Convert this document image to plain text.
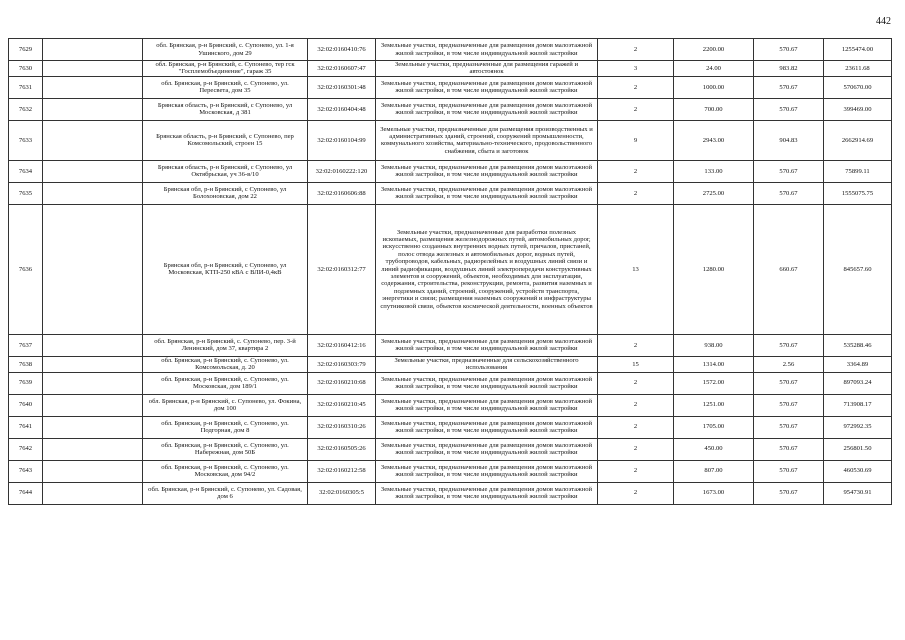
442
7629		обл. Брянская, р-н Брянский, с. Супонево, ул. 1-я Ушинского, дом 29	32:02:0160410:76	Земельные участки, предназначенные для размещения домов малоэтажной жилой застройки, в том числе индивидуальной жилой застройки	2	2200.00	570.67	1255474.00
7630		обл. Брянская, р-н Брянский, с. Супонево, тер гск "Госплемобъединение", гараж 35	32:02:0160607:47	Земельные участки, предназначенные для размещения гаражей и автостоянок	3	24.00	983.82	23611.68
7631		обл. Брянская, р-н Брянский, с. Супонево, ул. Пересвета, дом 35	32:02:0160301:48	Земельные участки, предназначенные для размещения домов малоэтажной жилой застройки, в том числе индивидуальной жилой застройки	2	1000.00	570.67	570670.00
7632		Брянская область, р-н Брянский, с Супонево, ул Московская, д 381	32:02:0160404:48	Земельные участки, предназначенные для размещения домов малоэтажной жилой застройки, в том числе индивидуальной жилой застройки	2	700.00	570.67	399469.00
7633		Брянская область, р-н Брянский, с Супонево, пер Комсомольский, строен 15	32:02:0160104:99	Земельные участки, предназначенные для размещения производственных и административных зданий, строений, сооружений промышленности, коммунального хозяйства, материально-технического, продовольственного снабжения, сбыта и заготовок	9	2943.00	904.83	2662914.69
7634		Брянская область, р-н Брянский, с Супонево, ул Октябрьская, уч 36-в/10	32:02:0160222:120	Земельные участки, предназначенные для размещения домов малоэтажной жилой застройки, в том числе индивидуальной жилой застройки	2	133.00	570.67	75899.11
7635		Брянская обл, р-н Брянский, с Супонево, ул Болохоновская, дом 22	32:02:0160606:88	Земельные участки, предназначенные для размещения домов малоэтажной жилой застройки, в том числе индивидуальной жилой застройки	2	2725.00	570.67	1555075.75
7636		Брянская обл, р-н Брянский, с Супонево, ул Московская, КТП-250 кВА с ВЛИ-0,4кВ	32:02:0160312:77	Земельные участки, предназначенные для разработки полезных ископаемых, размещения железнодорожных путей, автомобильных дорог, искусственно созданных внутренних водных путей, причалов, пристаней, полос отвода железных и автомобильных дорог, водных путей, трубопроводов, кабельных, радиорелейных и воздушных линий связи и линий радиофикации, воздушных линий электропередачи конструктивных элементов и сооружений, объектов, необходимых для эксплуатации, содержания, строительства, реконструкции, ремонта, развития наземных и подземных зданий, строений, сооружений, устройств транспорта, энергетики и связи; размещения наземных сооружений и инфраструктуры спутниковой связи, объектов космической деятельности, военных объектов	13	1280.00	660.67	845657.60
7637		обл. Брянская, р-н Брянский, с. Супонево, пер. 3-й Ленинский, дом 37, квартира 2	32:02:0160412:16	Земельные участки, предназначенные для размещения домов малоэтажной жилой застройки, в том числе индивидуальной жилой застройки	2	938.00	570.67	535288.46
7638		обл. Брянская, р-н Брянский, с. Супонево, ул. Комсомольская, д. 20	32:02:0160303:79	Земельные участки, предназначенные для сельскохозяйственного использования	15	1314.00	2.56	3364.89
7639		обл. Брянская, р-н Брянский, с. Супонево, ул. Московская, дом 189/1	32:02:0160210:68	Земельные участки, предназначенные для размещения домов малоэтажной жилой застройки, в том числе индивидуальной жилой застройки	2	1572.00	570.67	897093.24
7640		обл. Брянская, р-н Брянский, с. Супонево, ул. Фокина, дом 100	32:02:0160210:45	Земельные участки, предназначенные для размещения домов малоэтажной жилой застройки, в том числе индивидуальной жилой застройки	2	1251.00	570.67	713908.17
7641		обл. Брянская, р-н Брянский, с. Супонево, ул. Подгорная, дом 8	32:02:0160310:26	Земельные участки, предназначенные для размещения домов малоэтажной жилой застройки, в том числе индивидуальной жилой застройки	2	1705.00	570.67	972992.35
7642		обл. Брянская, р-н Брянский, с. Супонево, ул. Набережная, дом 50Б	32:02:0160505:26	Земельные участки, предназначенные для размещения домов малоэтажной жилой застройки, в том числе индивидуальной жилой застройки	2	450.00	570.67	256801.50
7643		обл. Брянская, р-н Брянский, с. Супонево, ул. Московская, дом 94/2	32:02:0160212:58	Земельные участки, предназначенные для размещения домов малоэтажной жилой застройки, в том числе индивидуальной жилой застройки	2	807.00	570.67	460530.69
7644		обл. Брянская, р-н Брянский, с. Супонево, ул. Садовая, дом 6	32:02:0160305:5	Земельные участки, предназначенные для размещения домов малоэтажной жилой застройки, в том числе индивидуальной жилой застройки	2	1673.00	570.67	954730.91
